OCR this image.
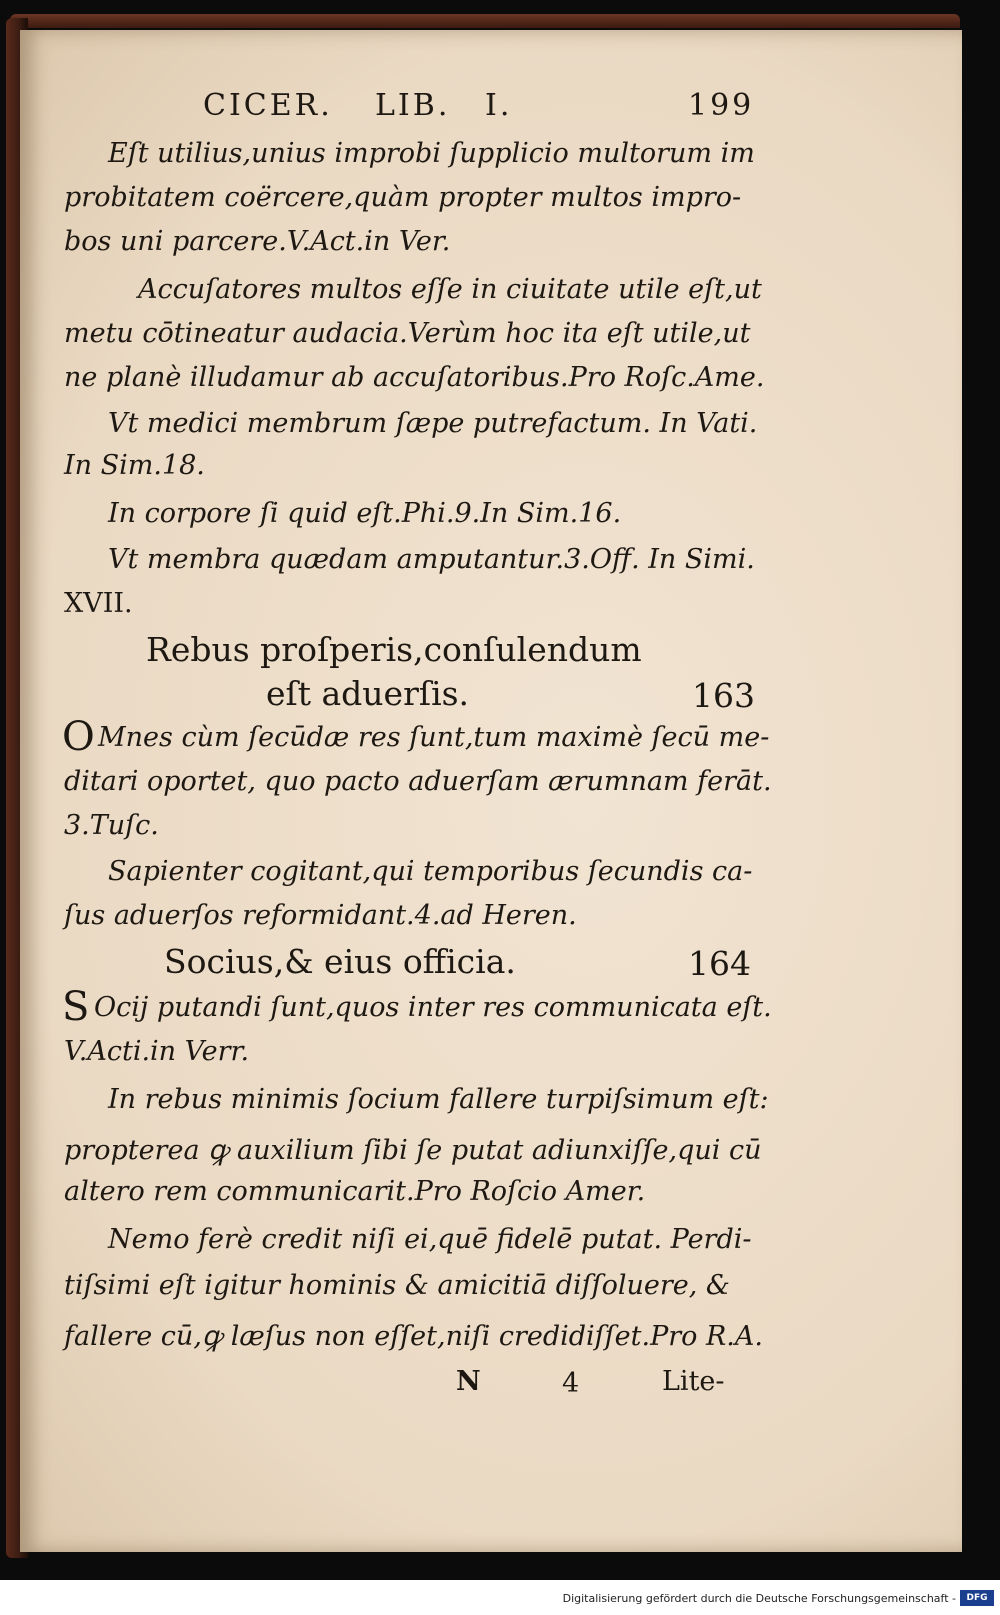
CICER. LIB. I.	199
Eſt utilius,unius improbi ſupplicio multorum im
probitatem coërcere,quàm propter multos impro-
bos uni parcere.V.Act.in Ver.
Accuſatores multos eſſe in ciuitate utile eſt,ut
metu cōtineatur audacia.Verùm hoc ita eſt utile,ut
ne planè illudamur ab accuſatoribus.Pro Roſc.Ame.
Vt medici membrum ſæpe putrefactum. In Vati.
In Sim.18.
In corpore ſi quid eſt.Phi.9.In Sim.16.
Vt membra quædam amputantur.3.Off. In Simi.
XVII.
Rebus proſperis,conſulendum
eſt aduerſis.	163
O Mnes cùm ſecūdæ res ſunt,tum maximè ſecū me-
ditari oportet, quo pacto aduerſam ærumnam ferāt.
3.Tuſc.
Sapienter cogitant,qui temporibus ſecundis ca-
ſus aduerſos reformidant.4.ad Heren.
Socius,& eius officia.	164
S Ocij putandi ſunt,quos inter res communicata eſt.
V.Acti.in Verr.
In rebus minimis ſocium fallere turpiſsimum eſt:
propterea ꝙ auxilium ſibi ſe putat adiunxiſſe,qui cū
altero rem communicarit.Pro Roſcio Amer.
Nemo ferè credit niſi ei,quē fidelē putat. Perdi-
tiſsimi eſt igitur hominis & amicitiā diſſoluere, &
fallere cū,ꝙ læſus non eſſet,niſi credidiſſet.Pro R.A.
N	4	Lite-
Digitalisierung gefördert durch die Deutsche Forschungsgemeinschaft -	DFG
